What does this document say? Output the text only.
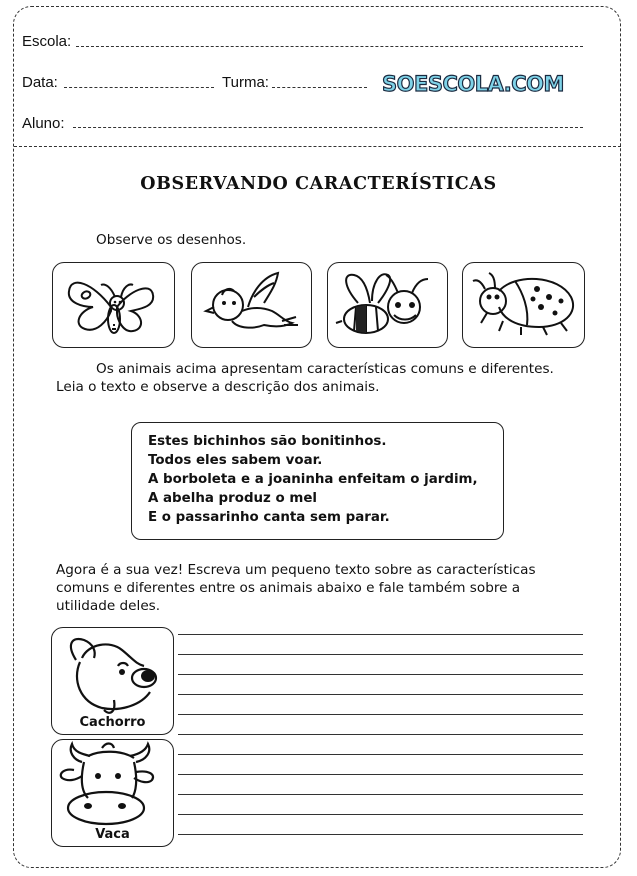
Escola:
Data:	Turma:	SOESCOLA.COM
Aluno:
OBSERVANDO CARACTERÍSTICAS
Observe os desenhos.
Os animais acima apresentam características comuns e diferentes.
Leia o texto e observe a descrição dos animais.
Estes bichinhos são bonitinhos.
Todos eles sabem voar.
A borboleta e a joaninha enfeitam o jardim,
A abelha produz o mel
E o passarinho canta sem parar.
Agora é a sua vez! Escreva um pequeno texto sobre as características
comuns e diferentes entre os animais abaixo e fale também sobre a
utilidade deles.
Cachorro
Vaca
